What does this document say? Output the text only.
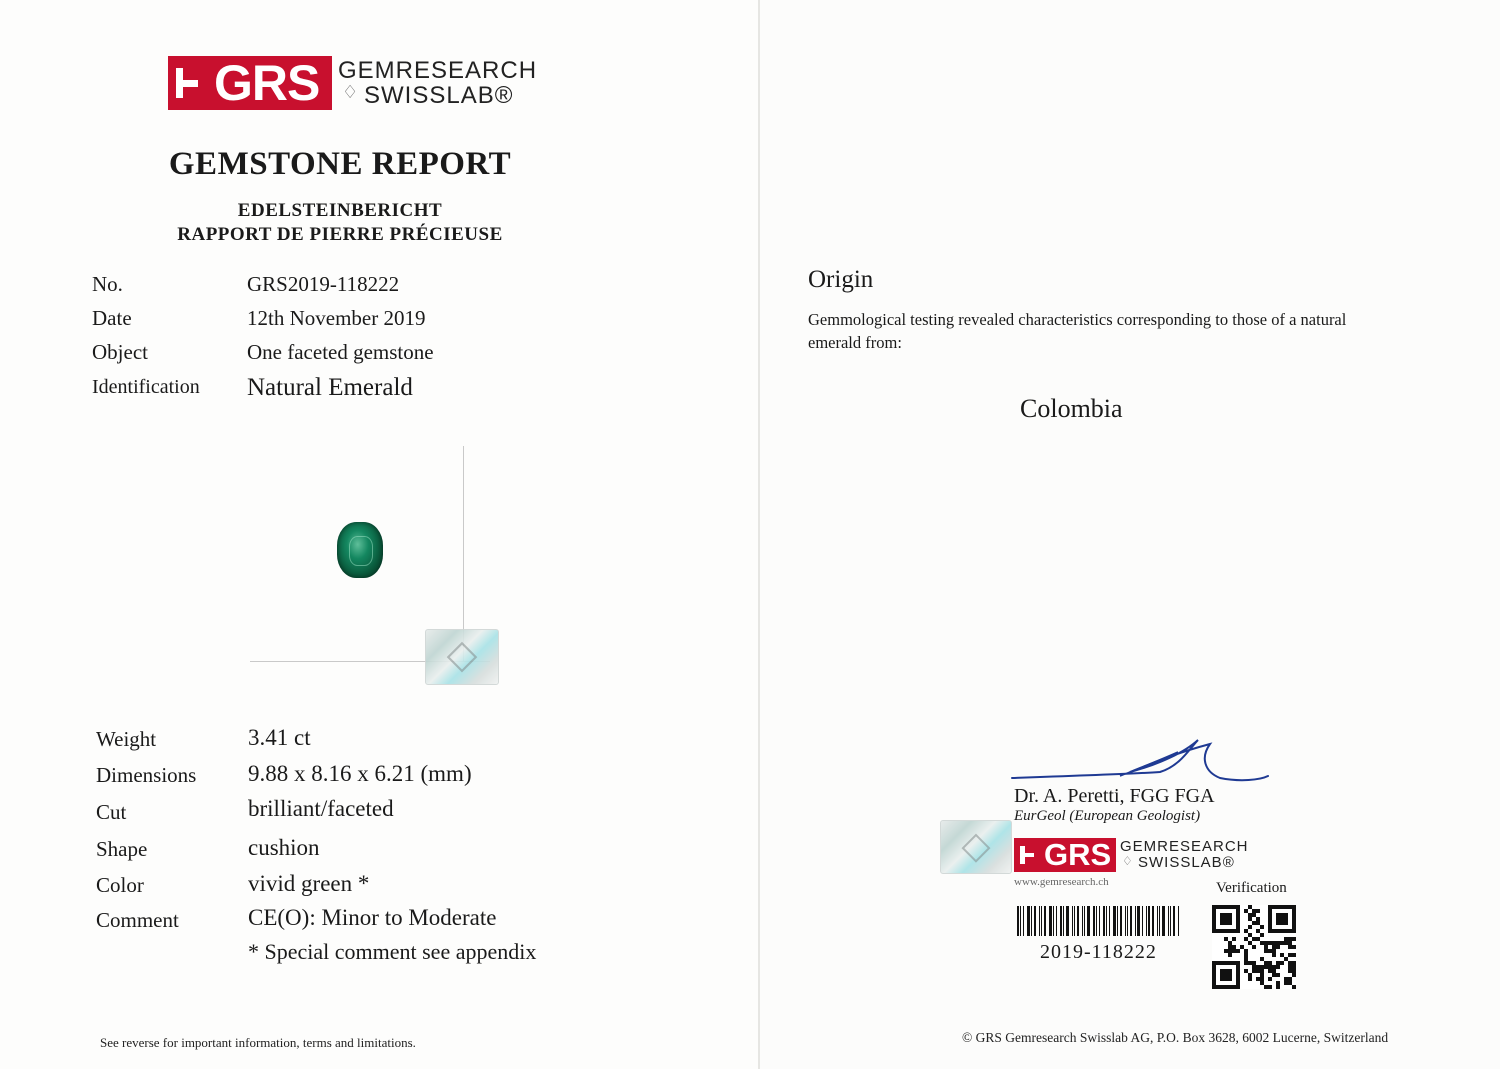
GRS GEMRESEARCH
♢ SWISSLAB®
GEMSTONE REPORT
EDELSTEINBERICHT
RAPPORT DE PIERRE PRÉCIEUSE
No.	GRS2019-118222
Date	12th November 2019
Object	One faceted gemstone
Identification Natural Emerald
◇
Weight	3.41 ct
Dimensions 9.88 x 8.16 x 6.21 (mm)
Cut	brilliant/faceted
Shape	cushion
Color	vivid green *
Comment	CE(O): Minor to Moderate
* Special comment see appendix
See reverse for important information, terms and limitations.
Origin
Gemmological testing revealed characteristics corresponding to those of a natural emerald from:
Colombia
Dr. A. Peretti, FGG FGA
EurGeol (European Geologist)
◇
GRS GEMRESEARCH
♢ SWISSLAB®
www.gemresearch.ch	Verification
2019-118222
© GRS Gemresearch Swisslab AG, P.O. Box 3628, 6002 Lucerne, Switzerland
